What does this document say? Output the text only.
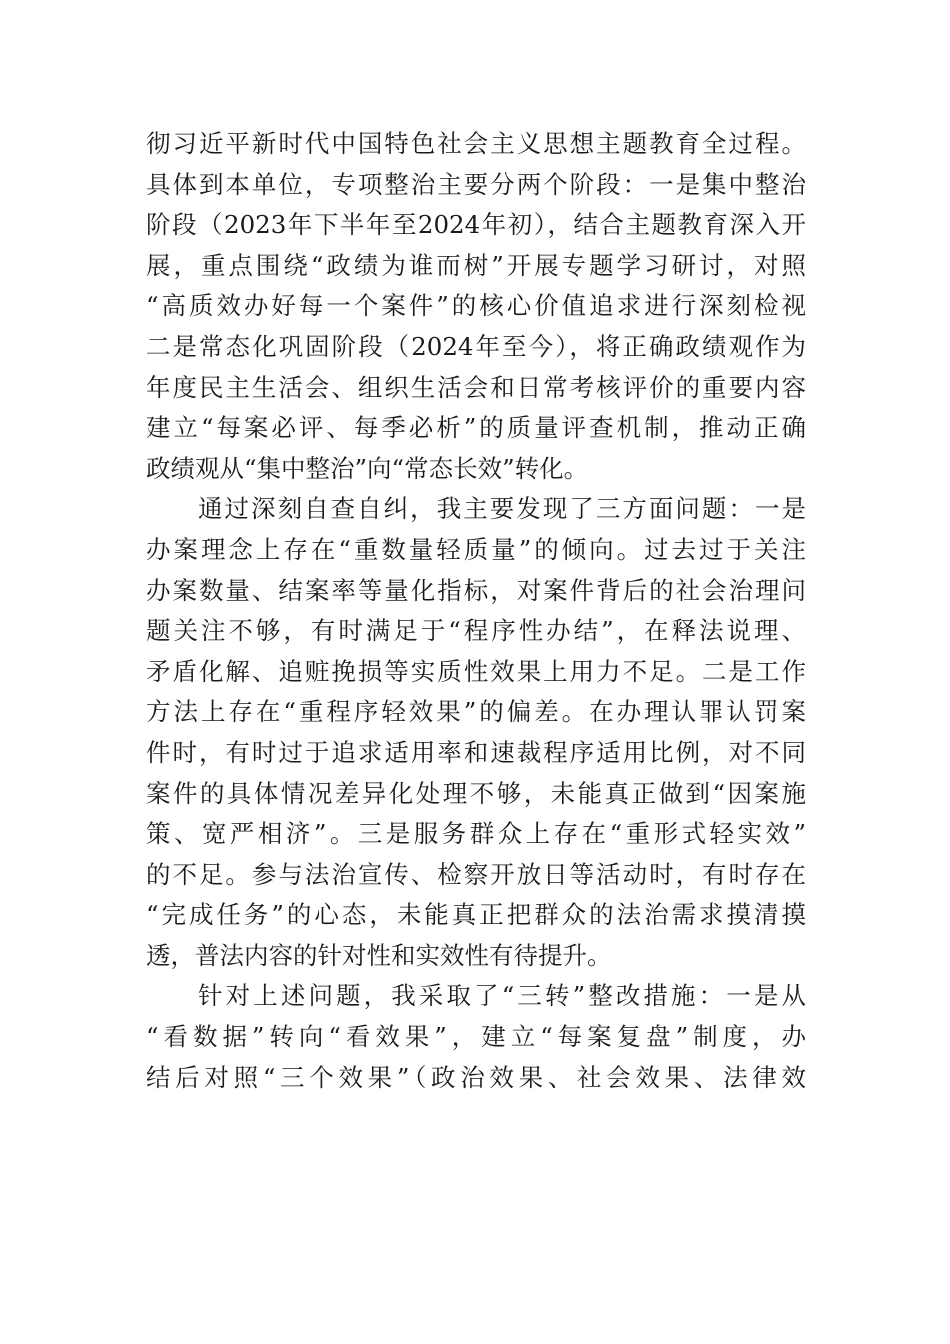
彻习近平新时代中国特色社会主义思想主题教育全过程。
具体到本单位，专项整治主要分两个阶段：一是集中整治
阶段（2023年下半年至2024年初），结合主题教育深入开
展，重点围绕“政绩为谁而树”开展专题学习研讨，对照
“高质效办好每一个案件”的核心价值追求进行深刻检视
二是常态化巩固阶段（2024年至今），将正确政绩观作为
年度民主生活会、组织生活会和日常考核评价的重要内容
建立“每案必评、每季必析”的质量评查机制，推动正确
政绩观从“集中整治”向“常态长效”转化。
通过深刻自查自纠，我主要发现了三方面问题：一是
办案理念上存在“重数量轻质量”的倾向。过去过于关注
办案数量、结案率等量化指标，对案件背后的社会治理问
题关注不够，有时满足于“程序性办结”，在释法说理、
矛盾化解、追赃挽损等实质性效果上用力不足。二是工作
方法上存在“重程序轻效果”的偏差。在办理认罪认罚案
件时，有时过于追求适用率和速裁程序适用比例，对不同
案件的具体情况差异化处理不够，未能真正做到“因案施
策、宽严相济”。三是服务群众上存在“重形式轻实效”
的不足。参与法治宣传、检察开放日等活动时，有时存在
“完成任务”的心态，未能真正把群众的法治需求摸清摸
透，普法内容的针对性和实效性有待提升。
针对上述问题，我采取了“三转”整改措施：一是从
“看数据”转向“看效果”，建立“每案复盘”制度，办
结后对照“三个效果”（政治效果、社会效果、法律效
